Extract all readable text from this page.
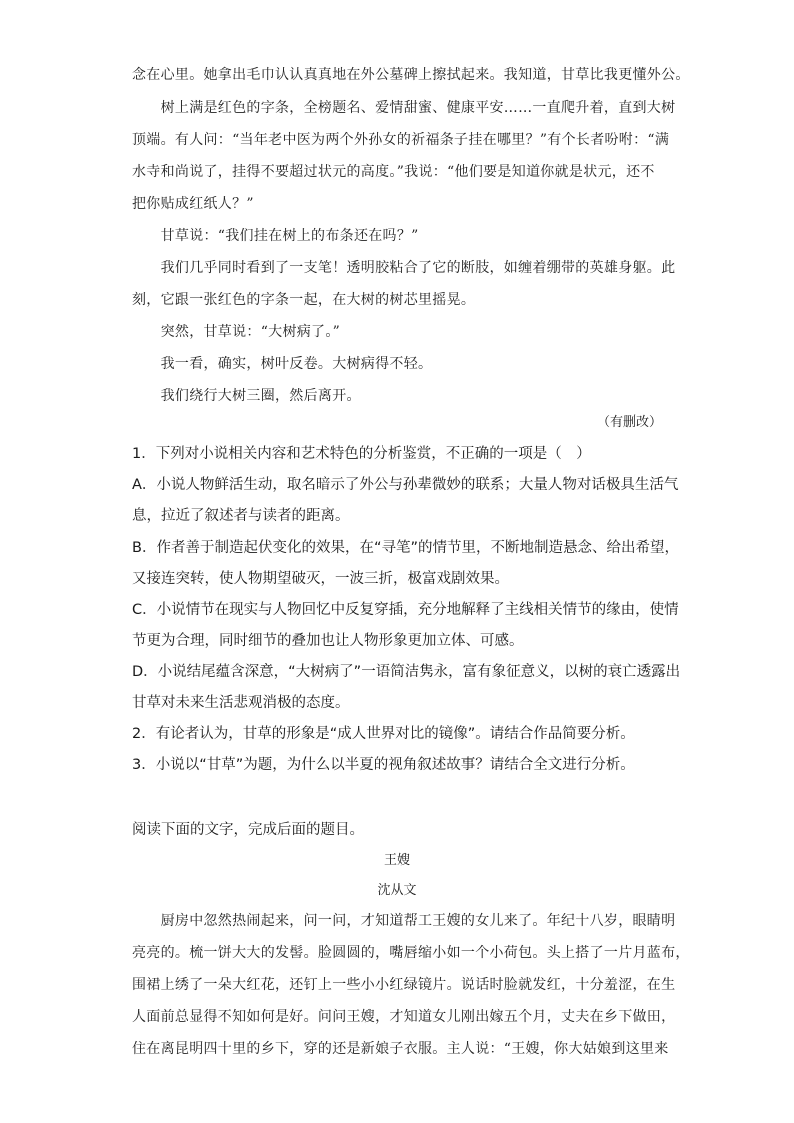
念在心里。她拿出毛巾认认真真地在外公墓碑上擦拭起来。我知道，甘草比我更懂外公。
　　树上满是红色的字条，全榜题名、爱情甜蜜、健康平安……一直爬升着，直到大树
顶端。有人问：“当年老中医为两个外孙女的祈福条子挂在哪里？”有个长者吩咐：“满
水寺和尚说了，挂得不要超过状元的高度。”我说：“他们要是知道你就是状元，还不
把你贴成红纸人？”
　　甘草说：“我们挂在树上的布条还在吗？”
　　我们几乎同时看到了一支笔！透明胶粘合了它的断肢，如缠着绷带的英雄身躯。此
刻，它跟一张红色的字条一起，在大树的树芯里摇晃。
　　突然，甘草说：“大树病了。”
　　我一看，确实，树叶反卷。大树病得不轻。
　　我们绕行大树三圈，然后离开。
（有删改）
1．下列对小说相关内容和艺术特色的分析鉴赏，不正确的一项是（　）
A．小说人物鲜活生动，取名暗示了外公与孙辈微妙的联系；大量人物对话极具生活气
息，拉近了叙述者与读者的距离。
B．作者善于制造起伏变化的效果，在“寻笔”的情节里，不断地制造悬念、给出希望，
又接连突转，使人物期望破灭，一波三折，极富戏剧效果。
C．小说情节在现实与人物回忆中反复穿插，充分地解释了主线相关情节的缘由，使情
节更为合理，同时细节的叠加也让人物形象更加立体、可感。
D．小说结尾蕴含深意，“大树病了”一语简洁隽永，富有象征意义，以树的衰亡透露出
甘草对未来生活悲观消极的态度。
2．有论者认为，甘草的形象是“成人世界对比的镜像”。请结合作品简要分析。
3．小说以“甘草”为题，为什么以半夏的视角叙述故事？请结合全文进行分析。
阅读下面的文字，完成后面的题目。
王嫂
沈从文
　　厨房中忽然热闹起来，问一问，才知道帮工王嫂的女儿来了。年纪十八岁，眼睛明
亮亮的。梳一饼大大的发髻。脸圆圆的，嘴唇缩小如一个小荷包。头上搭了一片月蓝布，
围裙上绣了一朵大红花，还钉上一些小小红绿镜片。说话时脸就发红，十分羞涩，在生
人面前总显得不知如何是好。问问王嫂，才知道女儿刚出嫁五个月，丈夫在乡下做田，
住在离昆明四十里的乡下，穿的还是新娘子衣服。主人说：“王嫂，你大姑娘到这里来
